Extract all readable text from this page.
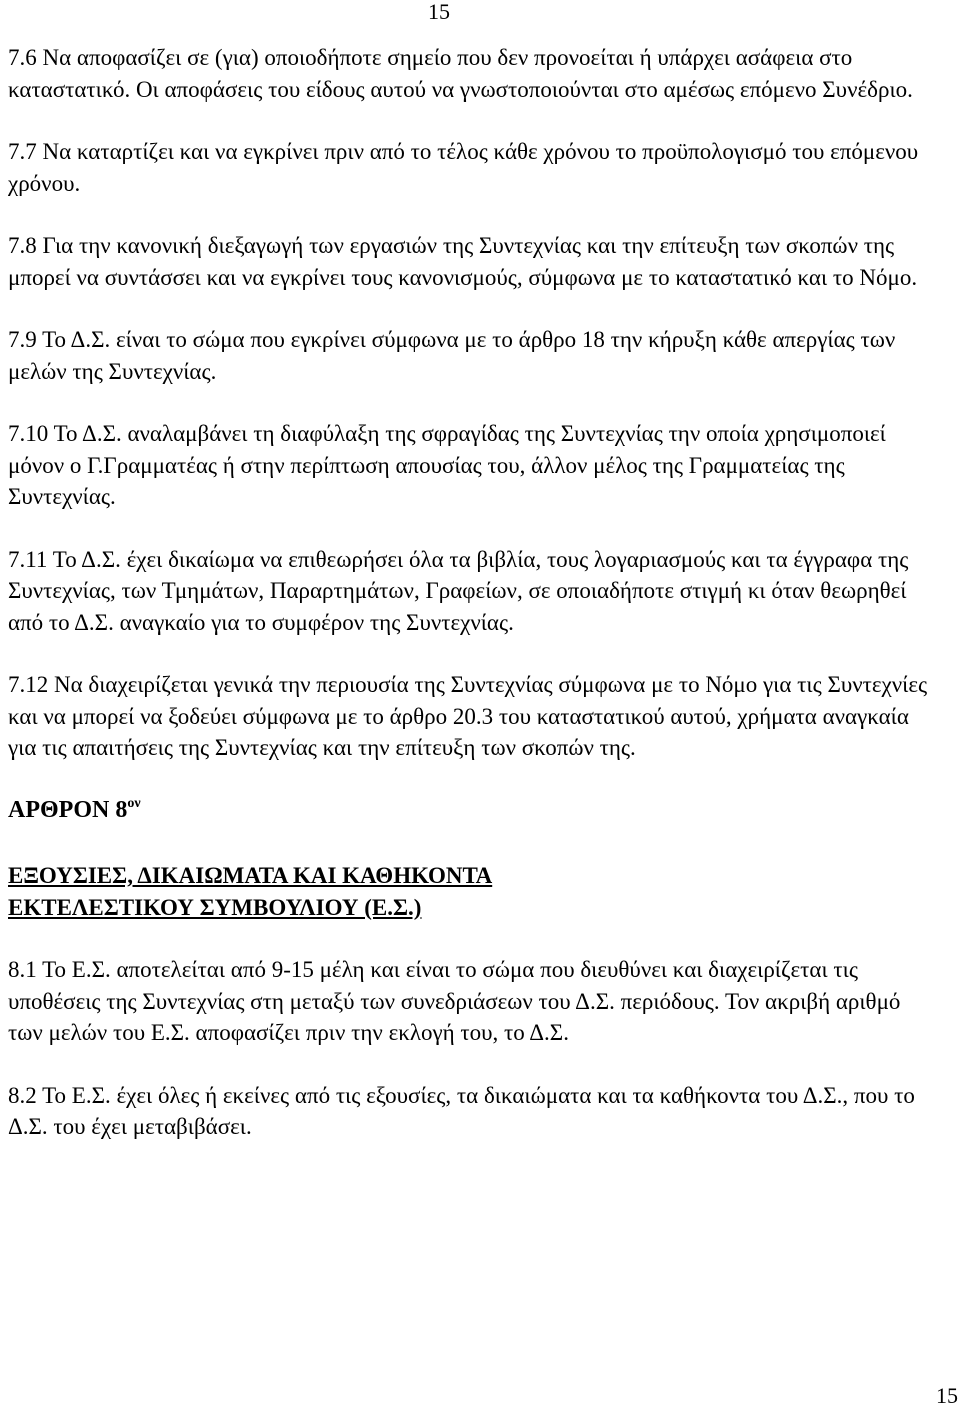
15

7.6 Να αποφασίζει σε (για) οποιοδήποτε σημείο που δεν προνοείται ή υπάρχει ασάφεια στο καταστατικό. Οι αποφάσεις του είδους αυτού να γνωστοποιούνται στο αμέσως επόμενο Συνέδριο.

7.7 Να καταρτίζει και να εγκρίνει πριν από το τέλος κάθε χρόνου το προϋπολογισμό του επόμενου χρόνου.

7.8 Για την κανονική διεξαγωγή των εργασιών της Συντεχνίας και την επίτευξη των σκοπών της μπορεί να συντάσσει και να εγκρίνει τους κανονισμούς, σύμφωνα με το καταστατικό και το Νόμο.

7.9 Το Δ.Σ. είναι το σώμα που εγκρίνει σύμφωνα με το άρθρο 18 την κήρυξη κάθε απεργίας των μελών της Συντεχνίας.

7.10 Το Δ.Σ. αναλαμβάνει τη διαφύλαξη της σφραγίδας της Συντεχνίας την οποία χρησιμοποιεί μόνον ο Γ.Γραμματέας ή στην περίπτωση απουσίας του, άλλον μέλος της Γραμματείας της Συντεχνίας.

7.11 Το Δ.Σ. έχει δικαίωμα να επιθεωρήσει όλα τα βιβλία, τους λογαριασμούς και τα έγγραφα της Συντεχνίας, των Τμημάτων, Παραρτημάτων, Γραφείων, σε οποιαδήποτε στιγμή κι όταν θεωρηθεί από το Δ.Σ. αναγκαίο για το συμφέρον της Συντεχνίας.

7.12 Να διαχειρίζεται γενικά την περιουσία της Συντεχνίας σύμφωνα με το Νόμο για τις Συντεχνίες και να μπορεί να ξοδεύει σύμφωνα με το άρθρο 20.3 του καταστατικού αυτού, χρήματα αναγκαία για τις απαιτήσεις της Συντεχνίας και την επίτευξη των σκοπών της.

ΑΡΘΡΟΝ $8^{o\nu}$
ΕΞΟΥΣΙΕΣ, ΔΙΚΑΙΩΜΑΤΑ ΚΑΙ ΚΑΘΗΚΟΝΤΑ
ΕΚΤΕΛΕΣΤΙΚΟΥ ΣΥΜΒΟΥΛΙΟΥ (Ε.Σ.)

8.1 Το Ε.Σ. αποτελείται από 9-15 μέλη και είναι το σώμα που διευθύνει και διαχειρίζεται τις υποθέσεις της Συντεχνίας στη μεταξύ των συνεδριάσεων του Δ.Σ. περιόδους. Τον ακριβή αριθμό των μελών του Ε.Σ. αποφασίζει πριν την εκλογή του, το Δ.Σ.

8.2 Το Ε.Σ. έχει όλες ή εκείνες από τις εξουσίες, τα δικαιώματα και τα καθήκοντα του Δ.Σ., που το Δ.Σ. του έχει μεταβιβάσει.

15
